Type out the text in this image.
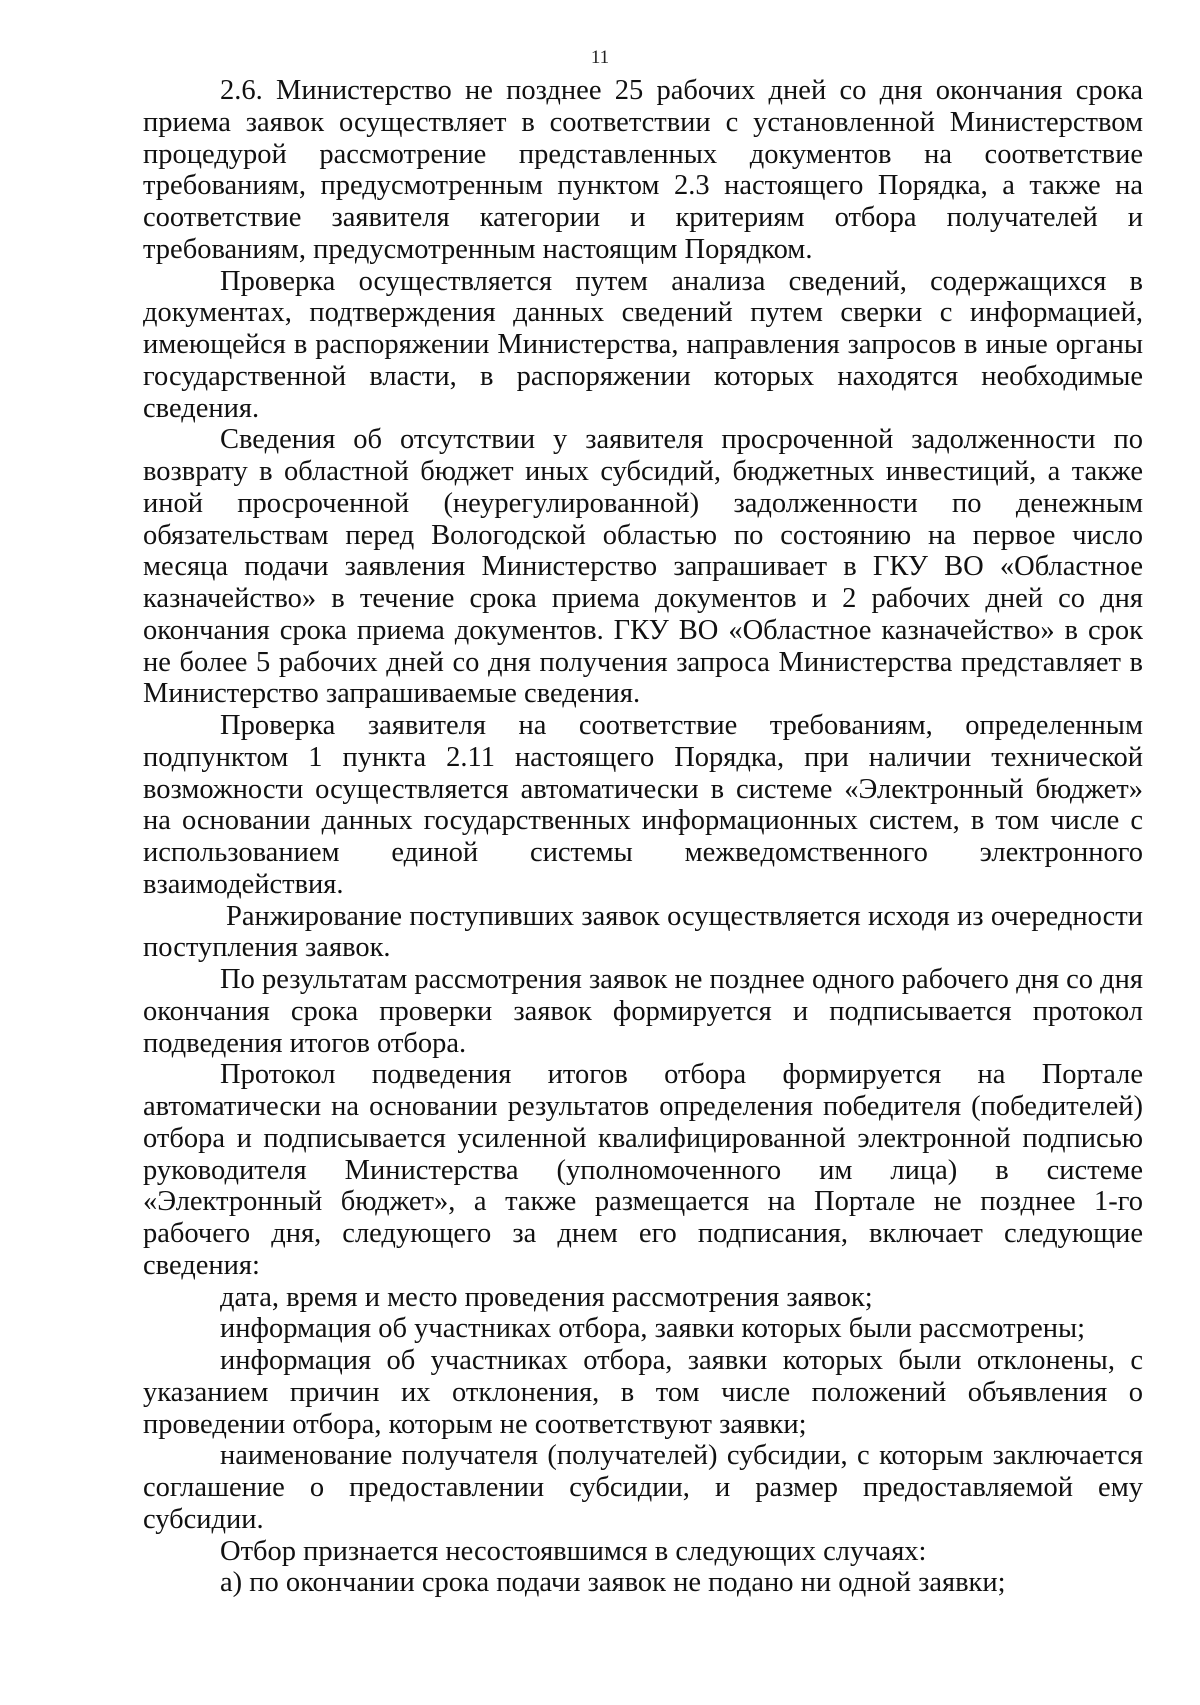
11

2.6. Министерство не позднее 25 рабочих дней со дня окончания срока приема заявок осуществляет в соответствии с установленной Министерством процедурой рассмотрение представленных документов на соответствие требованиям, предусмотренным пунктом 2.3 настоящего Порядка, а также на соответствие заявителя категории и критериям отбора получателей и требованиям, предусмотренным настоящим Порядком.

Проверка осуществляется путем анализа сведений, содержащихся в документах, подтверждения данных сведений путем сверки с информацией, имеющейся в распоряжении Министерства, направления запросов в иные органы государственной власти, в распоряжении которых находятся необходимые сведения.

Сведения об отсутствии у заявителя просроченной задолженности по возврату в областной бюджет иных субсидий, бюджетных инвестиций, а также иной просроченной (неурегулированной) задолженности по денежным обязательствам перед Вологодской областью по состоянию на первое число месяца подачи заявления Министерство запрашивает в ГКУ ВО «Областное казначейство» в течение срока приема документов и 2 рабочих дней со дня окончания срока приема документов. ГКУ ВО «Областное казначейство» в срок не более 5 рабочих дней со дня получения запроса Министерства представляет в Министерство запрашиваемые сведения.

Проверка заявителя на соответствие требованиям, определенным подпунктом 1 пункта 2.11 настоящего Порядка, при наличии технической возможности осуществляется автоматически в системе «Электронный бюджет» на основании данных государственных информационных систем, в том числе с использованием единой системы межведомственного электронного взаимодействия.

Ранжирование поступивших заявок осуществляется исходя из очередности поступления заявок.

По результатам рассмотрения заявок не позднее одного рабочего дня со дня окончания срока проверки заявок формируется и подписывается протокол подведения итогов отбора.

Протокол подведения итогов отбора формируется на Портале автоматически на основании результатов определения победителя (победителей) отбора и подписывается усиленной квалифицированной электронной подписью руководителя Министерства (уполномоченного им лица) в системе «Электронный бюджет», а также размещается на Портале не позднее 1-го рабочего дня, следующего за днем его подписания, включает следующие сведения:

дата, время и место проведения рассмотрения заявок;

информация об участниках отбора, заявки которых были рассмотрены;

информация об участниках отбора, заявки которых были отклонены, с указанием причин их отклонения, в том числе положений объявления о проведении отбора, которым не соответствуют заявки;

наименование получателя (получателей) субсидии, с которым заключается соглашение о предоставлении субсидии, и размер предоставляемой ему субсидии.

Отбор признается несостоявшимся в следующих случаях:

а) по окончании срока подачи заявок не подано ни одной заявки;
